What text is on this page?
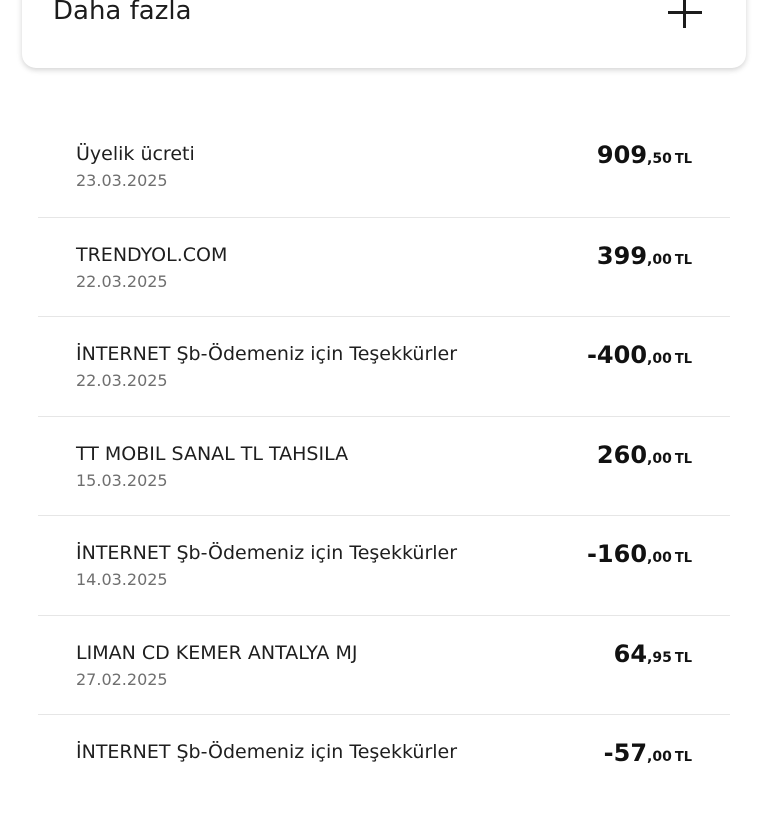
Daha fazla
Üyelik ücreti
23.03.2025
909,50 TL
TRENDYOL.COM
22.03.2025
399,00 TL
İNTERNET Şb-Ödemeniz için Teşekkürler
22.03.2025
-400,00 TL
TT MOBIL SANAL TL TAHSILA
15.03.2025
260,00 TL
İNTERNET Şb-Ödemeniz için Teşekkürler
14.03.2025
-160,00 TL
LIMAN CD KEMER ANTALYA MJ
27.02.2025
64,95 TL
İNTERNET Şb-Ödemeniz için Teşekkürler	-57,00 TL
